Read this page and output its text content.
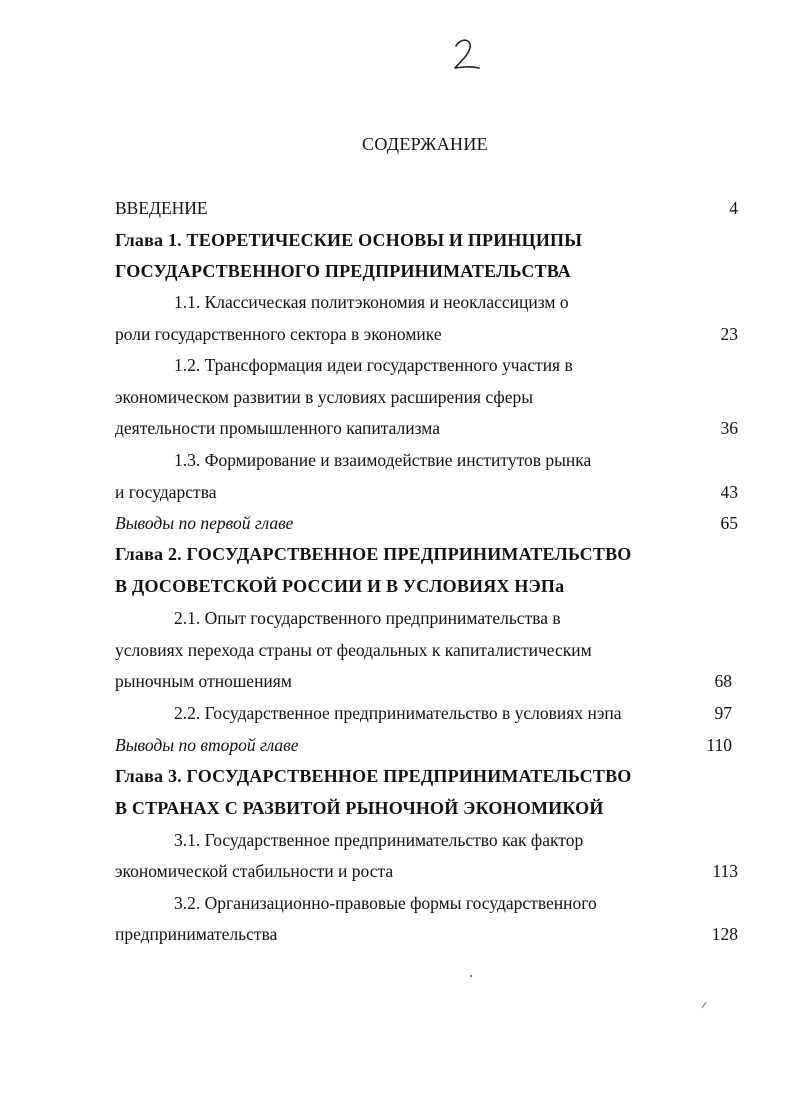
СОДЕРЖАНИЕ
ВВЕДЕНИЕ	4
Глава 1. ТЕОРЕТИЧЕСКИЕ ОСНОВЫ И ПРИНЦИПЫ
ГОСУДАРСТВЕННОГО ПРЕДПРИНИМАТЕЛЬСТВА
1.1. Классическая политэкономия и неоклассицизм о
роли государственного сектора в экономике	23
1.2. Трансформация идеи государственного участия в
экономическом развитии в условиях расширения сферы
деятельности промышленного капитализма	36
1.3. Формирование и взаимодействие институтов рынка
и государства	43
Выводы по первой главе	65
Глава 2. ГОСУДАРСТВЕННОЕ ПРЕДПРИНИМАТЕЛЬСТВО
В ДОСОВЕТСКОЙ РОССИИ И В УСЛОВИЯХ НЭПа
2.1. Опыт государственного предпринимательства в
условиях перехода страны от феодальных к капиталистическим
рыночным отношениям	68
2.2. Государственное предпринимательство в условиях нэпа	97
Выводы по второй главе	110
Глава 3. ГОСУДАРСТВЕННОЕ ПРЕДПРИНИМАТЕЛЬСТВО
В СТРАНАХ С РАЗВИТОЙ РЫНОЧНОЙ ЭКОНОМИКОЙ
3.1. Государственное предпринимательство как фактор
экономической стабильности и роста	113
3.2. Организационно-правовые формы государственного
предпринимательства	128
